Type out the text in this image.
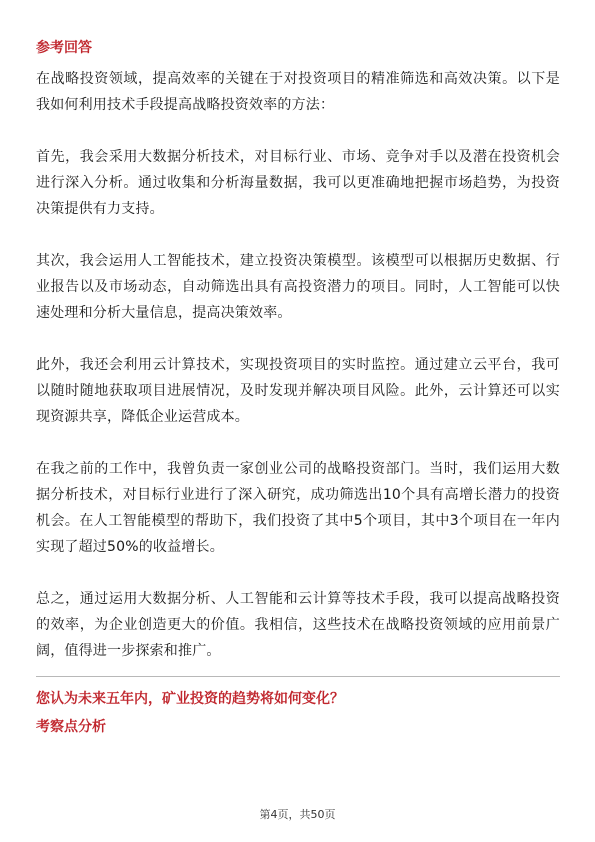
参考回答

在战略投资领域，提高效率的关键在于对投资项目的精准筛选和高效决策。以下是我如何利用技术手段提高战略投资效率的方法：

首先，我会采用大数据分析技术，对目标行业、市场、竞争对手以及潜在投资机会进行深入分析。通过收集和分析海量数据，我可以更准确地把握市场趋势，为投资决策提供有力支持。

其次，我会运用人工智能技术，建立投资决策模型。该模型可以根据历史数据、行业报告以及市场动态，自动筛选出具有高投资潜力的项目。同时，人工智能可以快速处理和分析大量信息，提高决策效率。

此外，我还会利用云计算技术，实现投资项目的实时监控。通过建立云平台，我可以随时随地获取项目进展情况，及时发现并解决项目风险。此外，云计算还可以实现资源共享，降低企业运营成本。

在我之前的工作中，我曾负责一家创业公司的战略投资部门。当时，我们运用大数据分析技术，对目标行业进行了深入研究，成功筛选出10个具有高增长潜力的投资机会。在人工智能模型的帮助下，我们投资了其中5个项目，其中3个项目在一年内实现了超过50%的收益增长。

总之，通过运用大数据分析、人工智能和云计算等技术手段，我可以提高战略投资的效率，为企业创造更大的价值。我相信，这些技术在战略投资领域的应用前景广阔，值得进一步探索和推广。

您认为未来五年内，矿业投资的趋势将如何变化？

考察点分析

第4页，共50页
